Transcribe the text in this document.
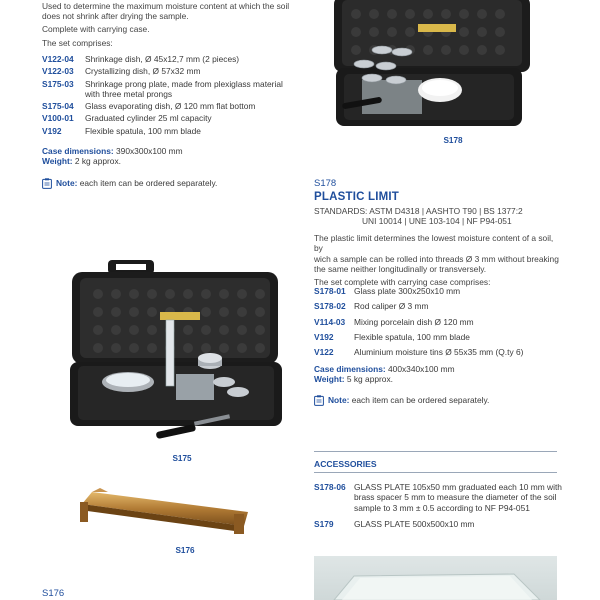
Used to determine the maximum moisture content at which the soil
does not shrink after drying the sample.
Complete with carrying case.
The set comprises:
V122-04	Shrinkage dish, Ø 45x12,7 mm (2 pieces)
V122-03	Crystallizing dish, Ø 57x32 mm
S175-03	Shrinkage prong plate, made from plexiglass material
with three metal prongs
S175-04	Glass evaporating dish, Ø 120 mm flat bottom
V100-01	Graduated cylinder 25 ml capacity
V192	Flexible spatula, 100 mm blade
Case dimensions: 390x300x100 mm
Weight: 2 kg approx.
Note: each item can be ordered separately.
S175
S176
S176
S178
S178
PLASTIC LIMIT
STANDARDS: ASTM D4318 | AASHTO T90 | BS 1377:2
UNI 10014 | UNE 103-104 | NF P94-051
The plastic limit determines the lowest moisture content of a soil, by
wich a sample can be rolled into threads Ø 3 mm without breaking
the same neither longitudinally or transversely.
The set complete with carrying case comprises:
S178-01 Glass plate 300x250x10 mm
S178-02 Rod caliper Ø 3 mm
V114-03	Mixing porcelain dish Ø 120 mm
V192	Flexible spatula, 100 mm blade
V122	Aluminium moisture tins Ø 55x35 mm (Q.ty 6)
Case dimensions: 400x340x100 mm
Weight: 5 kg approx.
Note: each item can be ordered separately.
ACCESSORIES
S178-06 GLASS PLATE 105x50 mm graduated each 10 mm with
brass spacer 5 mm to measure the diameter of the soil
sample to 3 mm ± 0.5 according to NF P94-051
S179	GLASS PLATE 500x500x10 mm
